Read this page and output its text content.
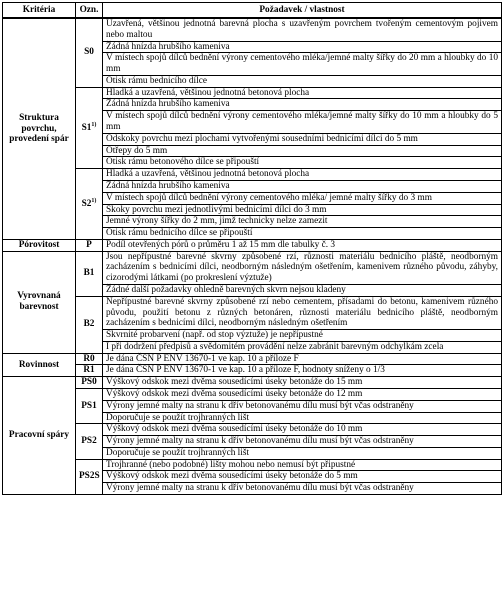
Kritéria	Ozn.	Požadavek / vlastnost
Struktura povrchu, provedení spár	S0	Uzavřená, většinou jednotná barevná plocha s uzavřeným povrchem tvořeným cementovým pojivem nebo maltou
		Žádná hnízda hrubšího kameniva
		V místech spojů dílců bednění výrony cementového mléka/jemné malty šířky do 20 mm a hloubky do 10 mm
		Otisk rámu bednicího dílce
	S1$^{1)}$	Hladká a uzavřená, většinou jednotná betonová plocha
		Žádná hnízda hrubšího kameniva
		V místech spojů dílců bednění výrony cementového mléka/jemné malty šířky do 10 mm a hloubky do 5 mm
		Odskoky povrchu mezi plochami vytvořenými sousedními bednicími dílci do 5 mm
		Otřepy do 5 mm
		Otisk rámu betonového dílce se připouští
	S2$^{1)}$	Hladká a uzavřená, většinou jednotná betonová plocha
		Žádná hnízda hrubšího kameniva
		V místech spojů dílců bednění výrony cementového mléka/ jemné malty šířky do 3 mm
		Skoky povrchu mezi jednotlivými bednicími dílci do 3 mm
		Jemné výrony šířky do 2 mm, jimž technicky nelze zamezit
		Otisk rámu bednicího dílce se připouští
Pórovitost	P	Podíl otevřených pórů o průměru 1 až 15 mm dle tabulky č. 3
Vyrovnaná barevnost	B1	Jsou nepřípustné barevné skvrny způsobené rzí, různosti materiálu bednicího pláště, neodborným zacházením s bednicími dílci, neodborným následným ošetřením, kamenivem různého původu, záhyby, cizorodými látkami (po prokreslení výztuže)
		Žádné další požadavky ohledně barevných skvrn nejsou kladeny
	B2	Nepřípustné barevné skvrny způsobené rzí nebo cementem, přísadami do betonu, kamenivem různého původu, použití betonu z různých betonáren, různosti materiálu bednicího pláště, neodborným zacházením s bednicími dílci, neodborným následným ošetřením
		Skvrnité probarvení (např. od stop výztuže) je nepřípustné
		I při dodržení předpisů a svědomitém provádění nelze zabránit barevným odchylkám zcela
Rovinnost	R0	Je dána ČSN P ENV 13670-1 ve kap. 10 a příloze F
	R1	Je dána ČSN P ENV 13670-1 ve kap. 10 a příloze F, hodnoty sníženy o 1/3
Pracovní spáry	PS0	Výškový odskok mezi dvěma sousedícími úseky betonáže do 15 mm
	PS1	Výškový odskok mezi dvěma sousedícími úseky betonáže do 12 mm
		Výrony jemné malty na stranu k dřív betonovanému dílu musí být včas odstraněny
		Doporučuje se použít trojhranných lišt
	PS2	Výškový odskok mezi dvěma sousedícími úseky betonáže do 10 mm
		Výrony jemné malty na stranu k dřív betonovanému dílu musí být včas odstraněny
		Doporučuje se použít trojhranných lišt
	PS2S	Trojhranné (nebo podobné) lišty mohou nebo nemusí být připustné
		Výškový odskok mezi dvěma sousedícími úseky betonáže do 5 mm
		Výrony jemné malty na stranu k dřív betonovanému dílu musí být včas odstraněny
